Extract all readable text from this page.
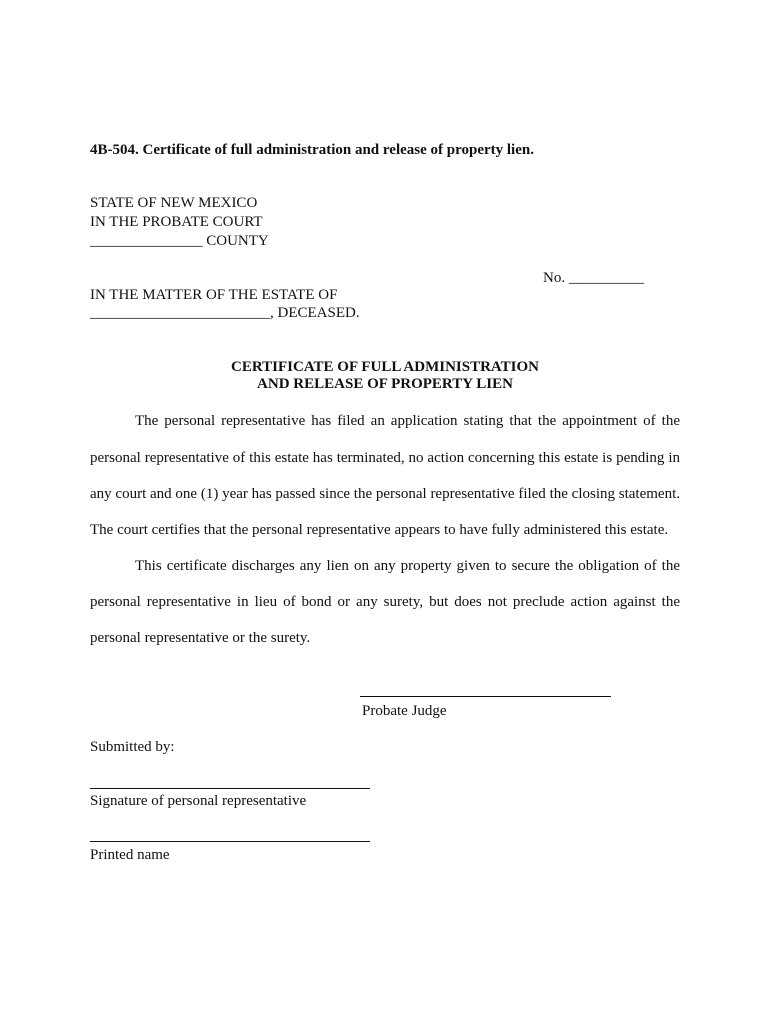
4B-504. Certificate of full administration and release of property lien.
STATE OF NEW MEXICO
IN THE PROBATE COURT
_______________ COUNTY
No. __________
IN THE MATTER OF THE ESTATE OF
________________________, DECEASED.
CERTIFICATE OF FULL ADMINISTRATION
AND RELEASE OF PROPERTY LIEN
The personal representative has filed an application stating that the appointment of the
personal representative of this estate has terminated, no action concerning this estate is pending in
any court and one (1) year has passed since the personal representative filed the closing statement.
The court certifies that the personal representative appears to have fully administered this estate.
This certificate discharges any lien on any property given to secure the obligation of the
personal representative in lieu of bond or any surety, but does not preclude action against the
personal representative or the surety.
Probate Judge
Submitted by:
Signature of personal representative
Printed name
